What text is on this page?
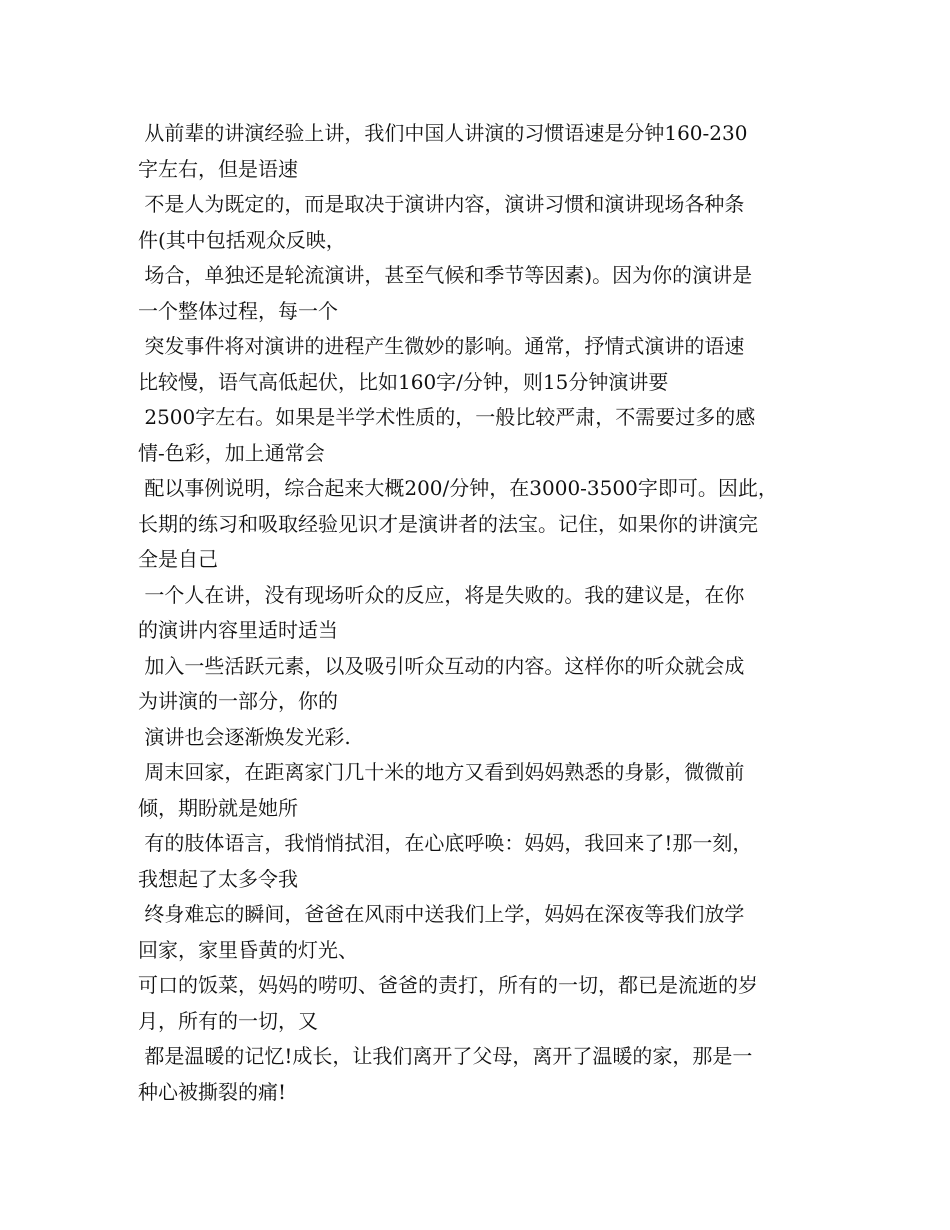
从前辈的讲演经验上讲，我们中国人讲演的习惯语速是分钟160-230
字左右，但是语速
不是人为既定的，而是取决于演讲内容，演讲习惯和演讲现场各种条
件(其中包括观众反映，
场合，单独还是轮流演讲，甚至气候和季节等因素)。因为你的演讲是
一个整体过程，每一个
突发事件将对演讲的进程产生微妙的影响。通常，抒情式演讲的语速
比较慢，语气高低起伏，比如160字/分钟，则15分钟演讲要
2500字左右。如果是半学术性质的，一般比较严肃，不需要过多的感
情-色彩，加上通常会
配以事例说明，综合起来大概200/分钟，在3000-3500字即可。因此，
长期的练习和吸取经验见识才是演讲者的法宝。记住，如果你的讲演完
全是自己
一个人在讲，没有现场听众的反应，将是失败的。我的建议是，在你
的演讲内容里适时适当
加入一些活跃元素，以及吸引听众互动的内容。这样你的听众就会成
为讲演的一部分，你的
演讲也会逐渐焕发光彩.
周末回家，在距离家门几十米的地方又看到妈妈熟悉的身影，微微前
倾，期盼就是她所
有的肢体语言，我悄悄拭泪，在心底呼唤：妈妈，我回来了!那一刻，
我想起了太多令我
终身难忘的瞬间，爸爸在风雨中送我们上学，妈妈在深夜等我们放学
回家，家里昏黄的灯光、
可口的饭菜，妈妈的唠叨、爸爸的责打，所有的一切，都已是流逝的岁
月，所有的一切，又
都是温暖的记忆!成长，让我们离开了父母，离开了温暖的家，那是一
种心被撕裂的痛!
